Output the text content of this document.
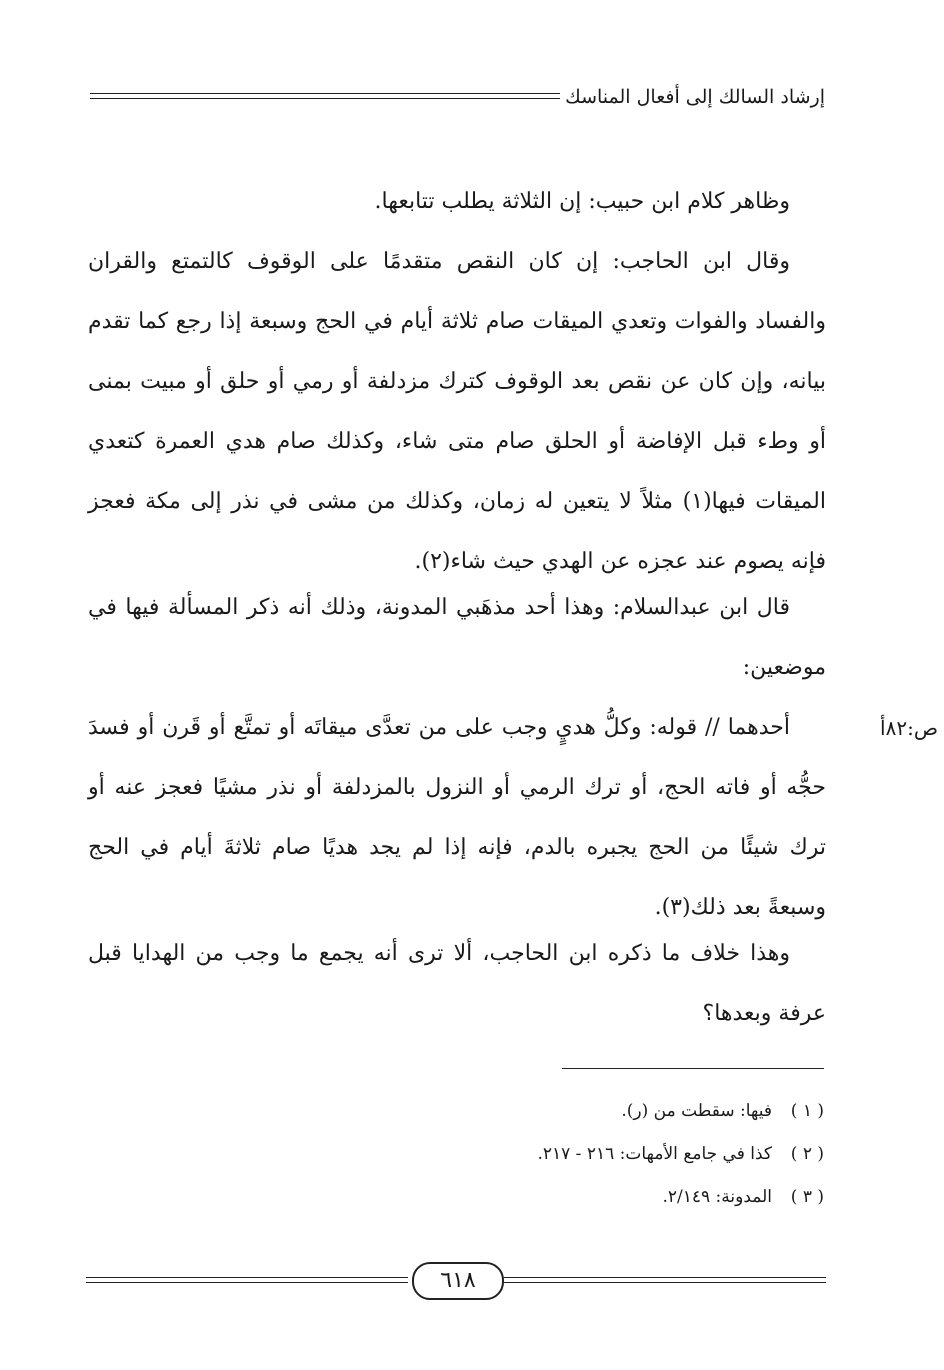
إرشاد السالك إلى أفعال المناسك

وظاهر كلام ابن حبيب: إن الثلاثة يطلب تتابعها.

وقال ابن الحاجب: إن كان النقص متقدمًا على الوقوف كالتمتع والقران والفساد والفوات وتعدي الميقات صام ثلاثة أيام في الحج وسبعة إذا رجع كما تقدم بيانه، وإن كان عن نقص بعد الوقوف كترك مزدلفة أو رمي أو حلق أو مبيت بمنى أو وطء قبل الإفاضة أو الحلق صام متى شاء، وكذلك صام هدي العمرة كتعدي الميقات فيها(١) مثلاً لا يتعين له زمان، وكذلك من مشى في نذر إلى مكة فعجز فإنه يصوم عند عجزه عن الهدي حيث شاء(٢).

قال ابن عبدالسلام: وهذا أحد مذهَبي المدونة، وذلك أنه ذكر المسألة فيها في موضعين:

ص:٨٢أ

أحدهما // قوله: وكلُّ هديٍ وجب على من تعدَّى ميقاتَه أو تمتَّع أو قَرن أو فسدَ حجُّه أو فاته الحج، أو ترك الرمي أو النزول بالمزدلفة أو نذر مشيًا فعجز عنه أو ترك شيئًا من الحج يجبره بالدم، فإنه إذا لم يجد هديًا صام ثلاثةَ أيام في الحج وسبعةً بعد ذلك(٣).

وهذا خلاف ما ذكره ابن الحاجب، ألا ترى أنه يجمع ما وجب من الهدايا قبل عرفة وبعدها؟

( ١ )فيها: سقطت من (ر).
( ٢ )كذا في جامع الأمهات: ٢١٦ - ٢١٧.
( ٣ )المدونة: ٢/١٤٩.
٦١٨
